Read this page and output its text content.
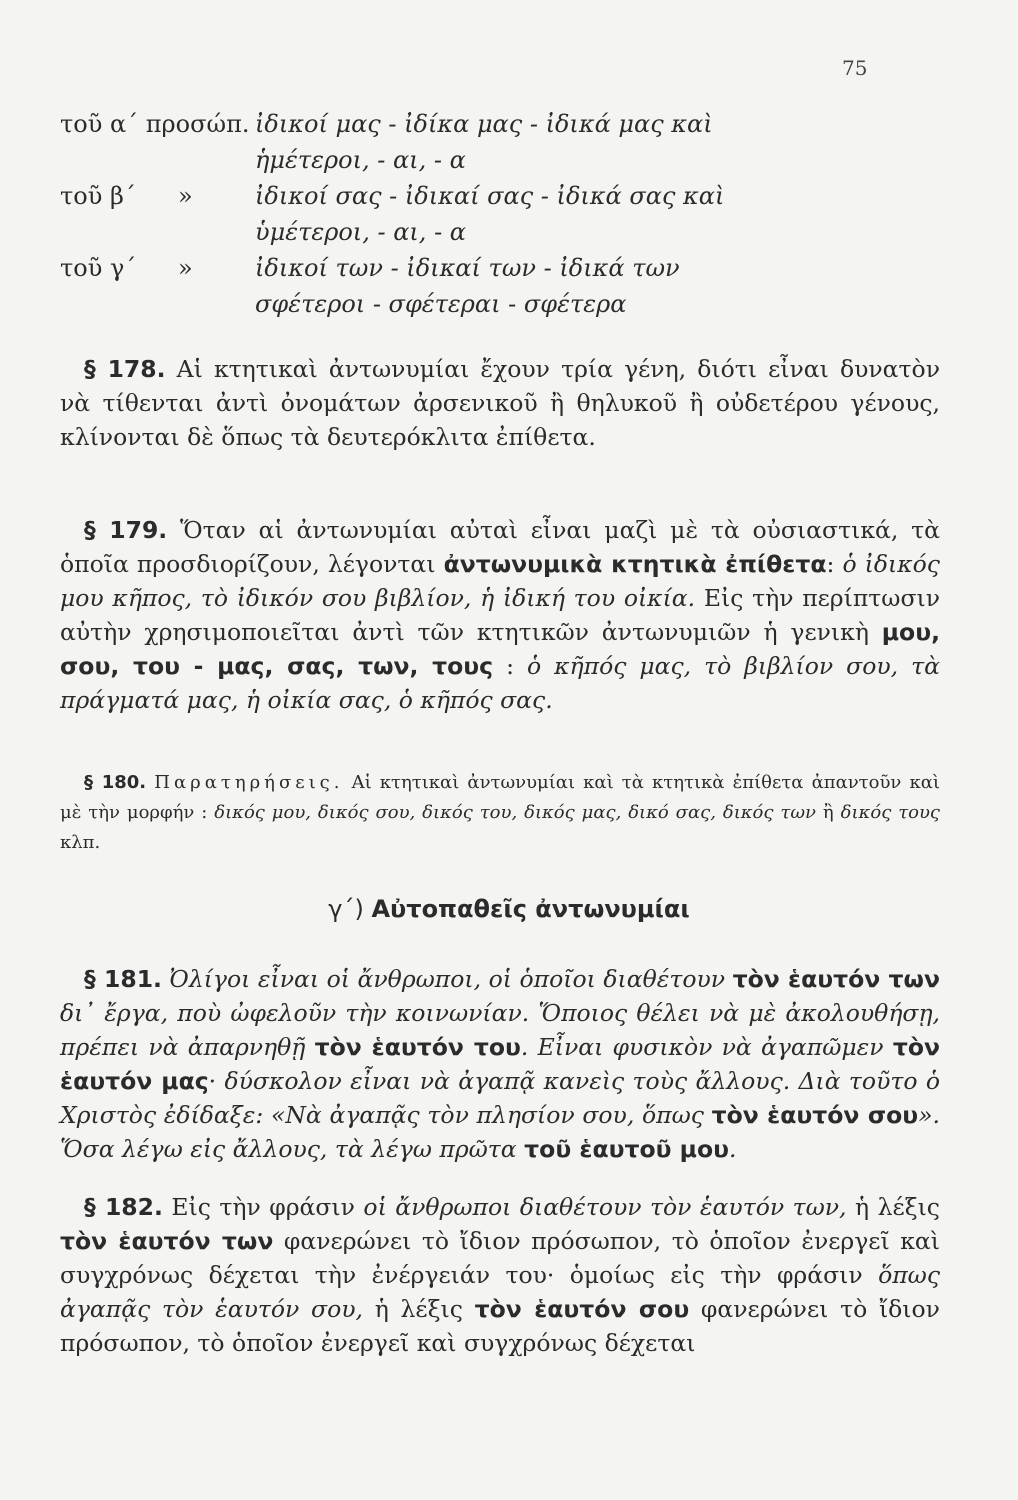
75
τοῦ α΄ προσώπ. ἰδικοί μας - ἰδίκα μας - ἰδικά μας καὶ
ἡμέτεροι, - αι, - α
τοῦ β΄ »	ἰδικοί σας - ἰδικαί σας - ἰδικά σας καὶ
ὑμέτεροι, - αι, - α
τοῦ γ΄ »	ἰδικοί των - ἰδικαί των - ἰδικά των
σφέτεροι - σφέτεραι - σφέτερα

§ 178. Αἱ κτητικαὶ ἀντωνυμίαι ἔχουν τρία γένη, διότι εἶναι δυνατὸν νὰ τίθενται ἀντὶ ὀνομάτων ἀρσενικοῦ ἢ θηλυκοῦ ἢ οὐδετέρου γένους, κλίνονται δὲ ὅπως τὰ δευτερόκλιτα ἐπίθετα.

§ 179. Ὅταν αἱ ἀντωνυμίαι αὐταὶ εἶναι μαζὶ μὲ τὰ οὐσιαστικά, τὰ ὁποῖα προσδιορίζουν, λέγονται ἀντωνυμικὰ κτητικὰ ἐπίθετα: ὁ ἰδικός μου κῆπος, τὸ ἰδικόν σου βιβλίον, ἡ ἰδική του οἰκία. Εἰς τὴν περίπτωσιν αὐτὴν χρησιμοποιεῖται ἀντὶ τῶν κτητικῶν ἀντωνυμιῶν ἡ γενικὴ μου, σου, του - μας, σας, των, τους : ὁ κῆπός μας, τὸ βιβλίον σου, τὰ πράγματά μας, ἡ οἰκία σας, ὁ κῆπός σας.

§ 180. Παρατηρήσεις. Αἱ κτητικαὶ ἀντωνυμίαι καὶ τὰ κτητικὰ ἐπίθετα ἀπαντοῦν καὶ μὲ τὴν μορφήν : δικός μου, δικός σου, δικός του, δικός μας, δικό σας, δικός των ἢ δικός τους κλπ.

γ΄) Αὐτοπαθεῖς ἀντωνυμίαι

§ 181. Ὀλίγοι εἶναι οἱ ἄνθρωποι, οἱ ὁποῖοι διαθέτουν τὸν ἑαυτόν των δι᾿ ἔργα, ποὺ ὠφελοῦν τὴν κοινωνίαν. Ὅποιος θέλει νὰ μὲ ἀκολουθήσῃ, πρέπει νὰ ἀπαρνηθῇ τὸν ἑαυτόν του. Εἶναι φυσικὸν νὰ ἀγαπῶμεν τὸν ἑαυτόν μας· δύσκολον εἶναι νὰ ἀγαπᾷ κανεὶς τοὺς ἄλλους. Διὰ τοῦτο ὁ Χριστὸς ἐδίδαξε: «Νὰ ἀγαπᾷς τὸν πλησίον σου, ὅπως τὸν ἑαυτόν σου». Ὅσα λέγω εἰς ἄλλους, τὰ λέγω πρῶτα τοῦ ἑαυτοῦ μου.

§ 182. Εἰς τὴν φράσιν οἱ ἄνθρωποι διαθέτουν τὸν ἑαυτόν των, ἡ λέξις τὸν ἑαυτόν των φανερώνει τὸ ἴδιον πρόσωπον, τὸ ὁποῖον ἐνεργεῖ καὶ συγχρόνως δέχεται τὴν ἐνέργειάν του· ὁμοίως εἰς τὴν φράσιν ὅπως ἀγαπᾷς τὸν ἑαυτόν σου, ἡ λέξις τὸν ἑαυτόν σου φανερώνει τὸ ἴδιον πρόσωπον, τὸ ὁποῖον ἐνεργεῖ καὶ συγχρόνως δέχεται
